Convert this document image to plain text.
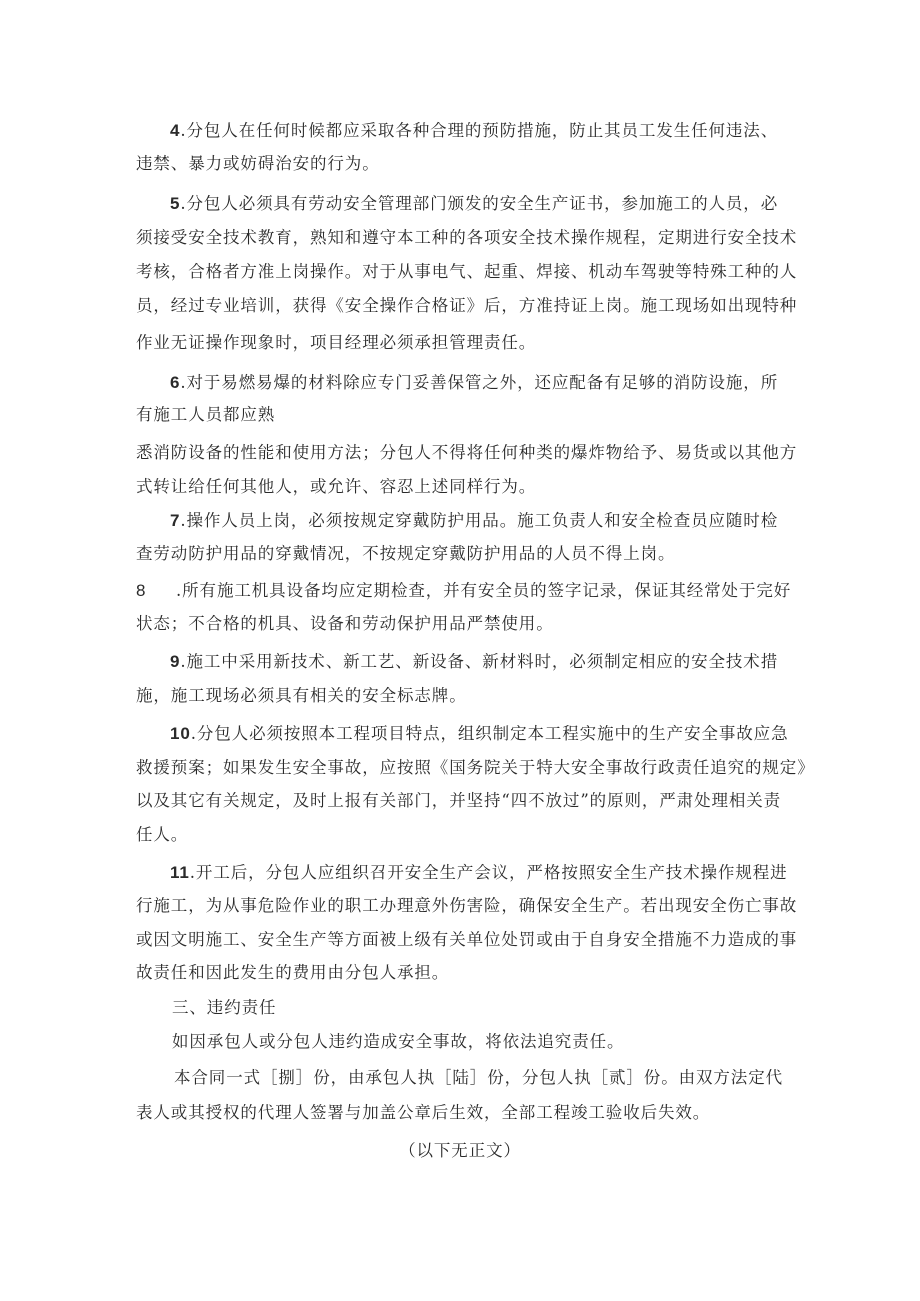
4.分包人在任何时候都应采取各种合理的预防措施，防止其员工发生任何违法、
违禁、暴力或妨碍治安的行为。
5.分包人必须具有劳动安全管理部门颁发的安全生产证书，参加施工的人员，必
须接受安全技术教育，熟知和遵守本工种的各项安全技术操作规程，定期进行安全技术
考核，合格者方准上岗操作。对于从事电气、起重、焊接、机动车驾驶等特殊工种的人
员，经过专业培训，获得《安全操作合格证》后，方准持证上岗。施工现场如出现特种
作业无证操作现象时，项目经理必须承担管理责任。
6.对于易燃易爆的材料除应专门妥善保管之外，还应配备有足够的消防设施，所
有施工人员都应熟
悉消防设备的性能和使用方法；分包人不得将任何种类的爆炸物给予、易货或以其他方
式转让给任何其他人，或允许、容忍上述同样行为。
7.操作人员上岗，必须按规定穿戴防护用品。施工负责人和安全检查员应随时检
查劳动防护用品的穿戴情况，不按规定穿戴防护用品的人员不得上岗。
8 .所有施工机具设备均应定期检查，并有安全员的签字记录，保证其经常处于完好
状态；不合格的机具、设备和劳动保护用品严禁使用。
9.施工中采用新技术、新工艺、新设备、新材料时，必须制定相应的安全技术措
施，施工现场必须具有相关的安全标志牌。
10.分包人必须按照本工程项目特点，组织制定本工程实施中的生产安全事故应急
救援预案；如果发生安全事故，应按照《国务院关于特大安全事故行政责任追究的规定》
以及其它有关规定，及时上报有关部门，并坚持“四不放过”的原则，严肃处理相关责
任人。
11.开工后，分包人应组织召开安全生产会议，严格按照安全生产技术操作规程进
行施工，为从事危险作业的职工办理意外伤害险，确保安全生产。若出现安全伤亡事故
或因文明施工、安全生产等方面被上级有关单位处罚或由于自身安全措施不力造成的事
故责任和因此发生的费用由分包人承担。
三、违约责任
如因承包人或分包人违约造成安全事故，将依法追究责任。
本合同一式［捌］份，由承包人执［陆］份，分包人执［贰］份。由双方法定代
表人或其授权的代理人签署与加盖公章后生效，全部工程竣工验收后失效。
（以下无正文）
